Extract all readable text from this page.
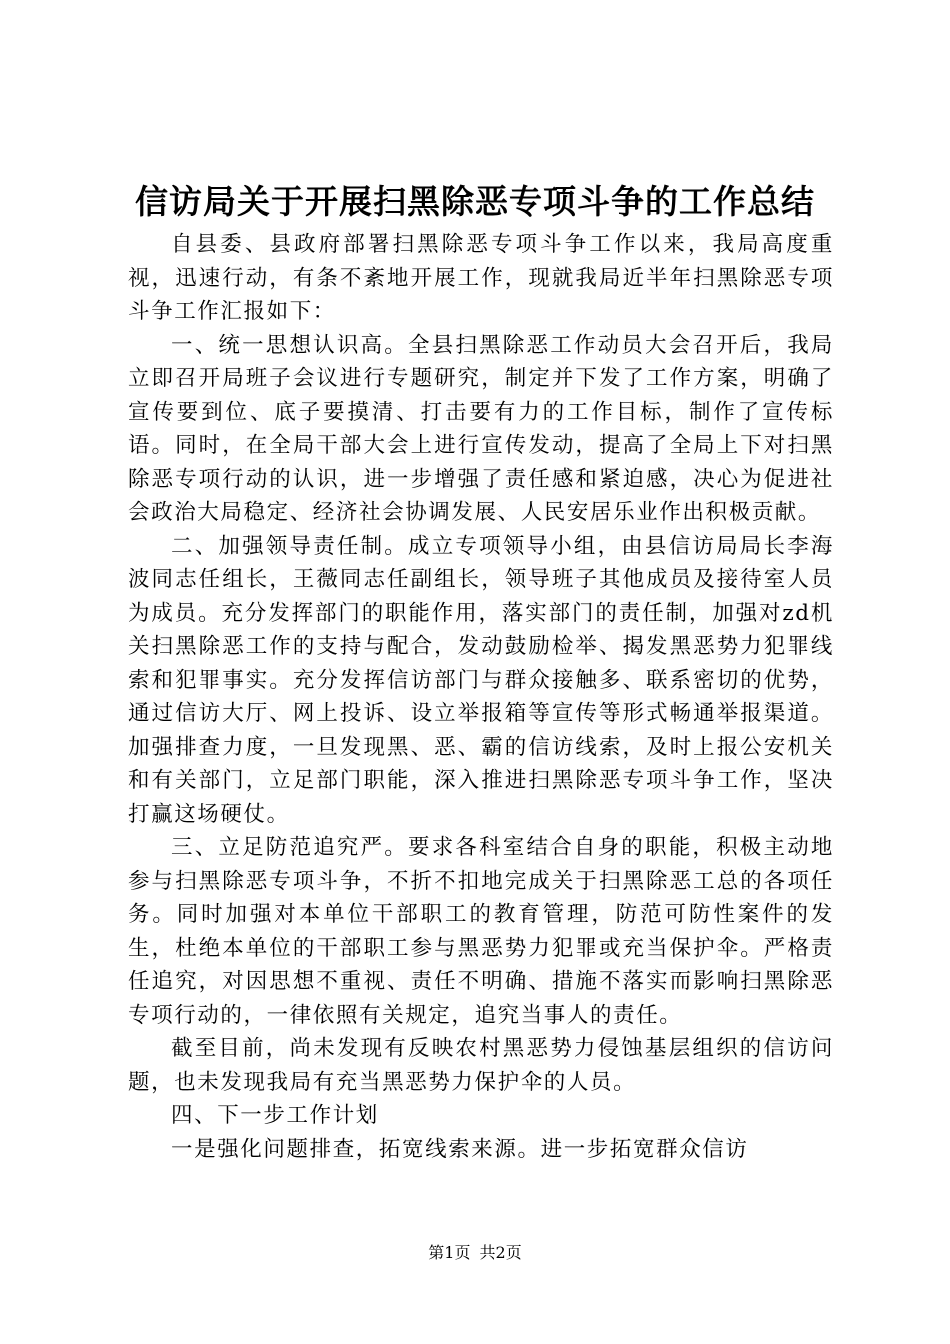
信访局关于开展扫黑除恶专项斗争的工作总结

自县委、县政府部署扫黑除恶专项斗争工作以来，我局高度重视，迅速行动，有条不紊地开展工作，现就我局近半年扫黑除恶专项斗争工作汇报如下：

一、统一思想认识高。全县扫黑除恶工作动员大会召开后，我局立即召开局班子会议进行专题研究，制定并下发了工作方案，明确了宣传要到位、底子要摸清、打击要有力的工作目标，制作了宣传标语。同时，在全局干部大会上进行宣传发动，提高了全局上下对扫黑除恶专项行动的认识，进一步增强了责任感和紧迫感，决心为促进社会政治大局稳定、经济社会协调发展、人民安居乐业作出积极贡献。

二、加强领导责任制。成立专项领导小组，由县信访局局长李海波同志任组长，王薇同志任副组长，领导班子其他成员及接待室人员为成员。充分发挥部门的职能作用，落实部门的责任制，加强对zd机关扫黑除恶工作的支持与配合，发动鼓励检举、揭发黑恶势力犯罪线索和犯罪事实。充分发挥信访部门与群众接触多、联系密切的优势，通过信访大厅、网上投诉、设立举报箱等宣传等形式畅通举报渠道。加强排查力度，一旦发现黑、恶、霸的信访线索，及时上报公安机关和有关部门，立足部门职能，深入推进扫黑除恶专项斗争工作，坚决打赢这场硬仗。

三、立足防范追究严。要求各科室结合自身的职能，积极主动地参与扫黑除恶专项斗争，不折不扣地完成关于扫黑除恶工总的各项任务。同时加强对本单位干部职工的教育管理，防范可防性案件的发生，杜绝本单位的干部职工参与黑恶势力犯罪或充当保护伞。严格责任追究，对因思想不重视、责任不明确、措施不落实而影响扫黑除恶专项行动的，一律依照有关规定，追究当事人的责任。

截至目前，尚未发现有反映农村黑恶势力侵蚀基层组织的信访问题，也未发现我局有充当黑恶势力保护伞的人员。

四、下一步工作计划

一是强化问题排查，拓宽线索来源。进一步拓宽群众信访

第1页 共2页
